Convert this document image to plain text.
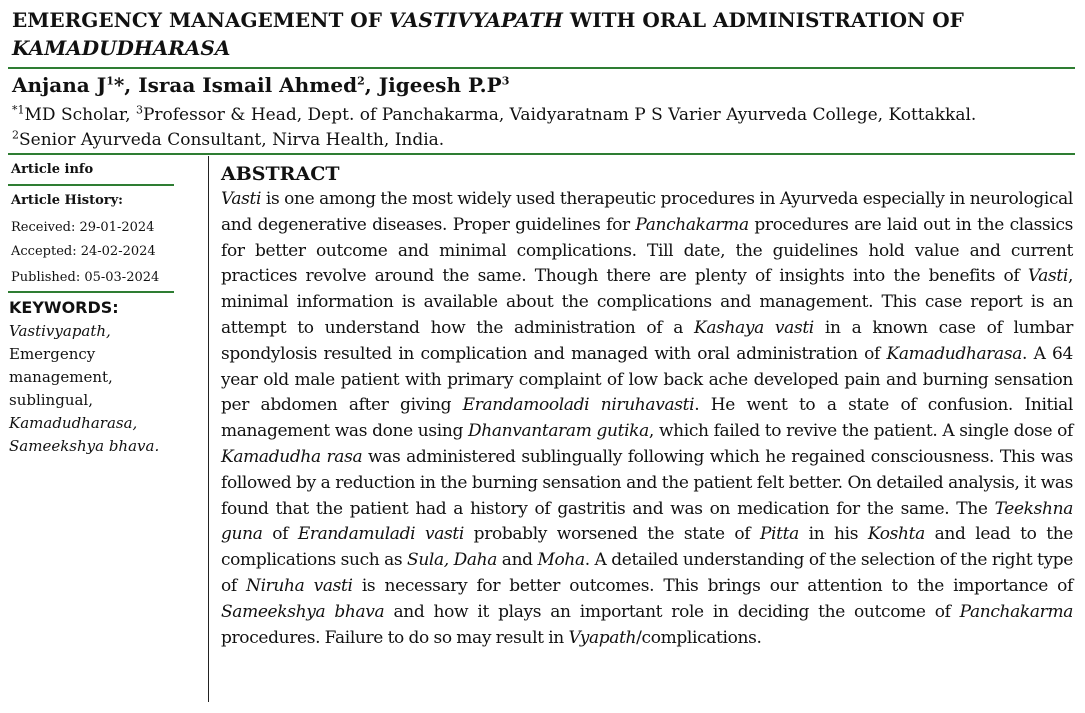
EMERGENCY MANAGEMENT OF VASTIVYAPATH WITH ORAL ADMINISTRATION OF KAMADUDHARASA
Anjana $J^1*$, Israa Ismail Ahmed$^2$, Jigeesh $P.P^3$
$^{*1}$MD Scholar, $^3$Professor & Head, Dept. of Panchakarma, Vaidyaratnam P S Varier Ayurveda College, Kottakkal.
$^2$Senior Ayurveda Consultant, Nirva Health, India.
Article info
Article History:
Received: 29-01-2024
Accepted: 24-02-2024
Published: 05-03-2024
KEYWORDS:
Vastivyapath,
Emergency
management,
sublingual,
Kamadudharasa,
Sameekshya bhava.
ABSTRACT
Vasti is one among the most widely used therapeutic procedures in Ayurveda especially in neurological and degenerative diseases. Proper guidelines for Panchakarma procedures are laid out in the classics for better outcome and minimal complications. Till date, the guidelines hold value and current practices revolve around the same. Though there are plenty of insights into the benefits of Vasti, minimal information is available about the complications and management. This case report is an attempt to understand how the administration of a Kashaya vasti in a known case of lumbar spondylosis resulted in complication and managed with oral administration of Kamadudharasa. A 64 year old male patient with primary complaint of low back ache developed pain and burning sensation per abdomen after giving Erandamooladi niruhavasti. He went to a state of confusion. Initial management was done using Dhanvantaram gutika, which failed to revive the patient. A single dose of Kamadudha rasa was administered sublingually following which he regained consciousness. This was followed by a reduction in the burning sensation and the patient felt better. On detailed analysis, it was found that the patient had a history of gastritis and was on medication for the same. The Teekshna guna of Erandamuladi vasti probably worsened the state of Pitta in his Koshta and lead to the complications such as Sula, Daha and Moha. A detailed understanding of the selection of the right type of Niruha vasti is necessary for better outcomes. This brings our attention to the importance of Sameekshya bhava and how it plays an important role in deciding the outcome of Panchakarma procedures. Failure to do so may result in Vyapath/complications.
